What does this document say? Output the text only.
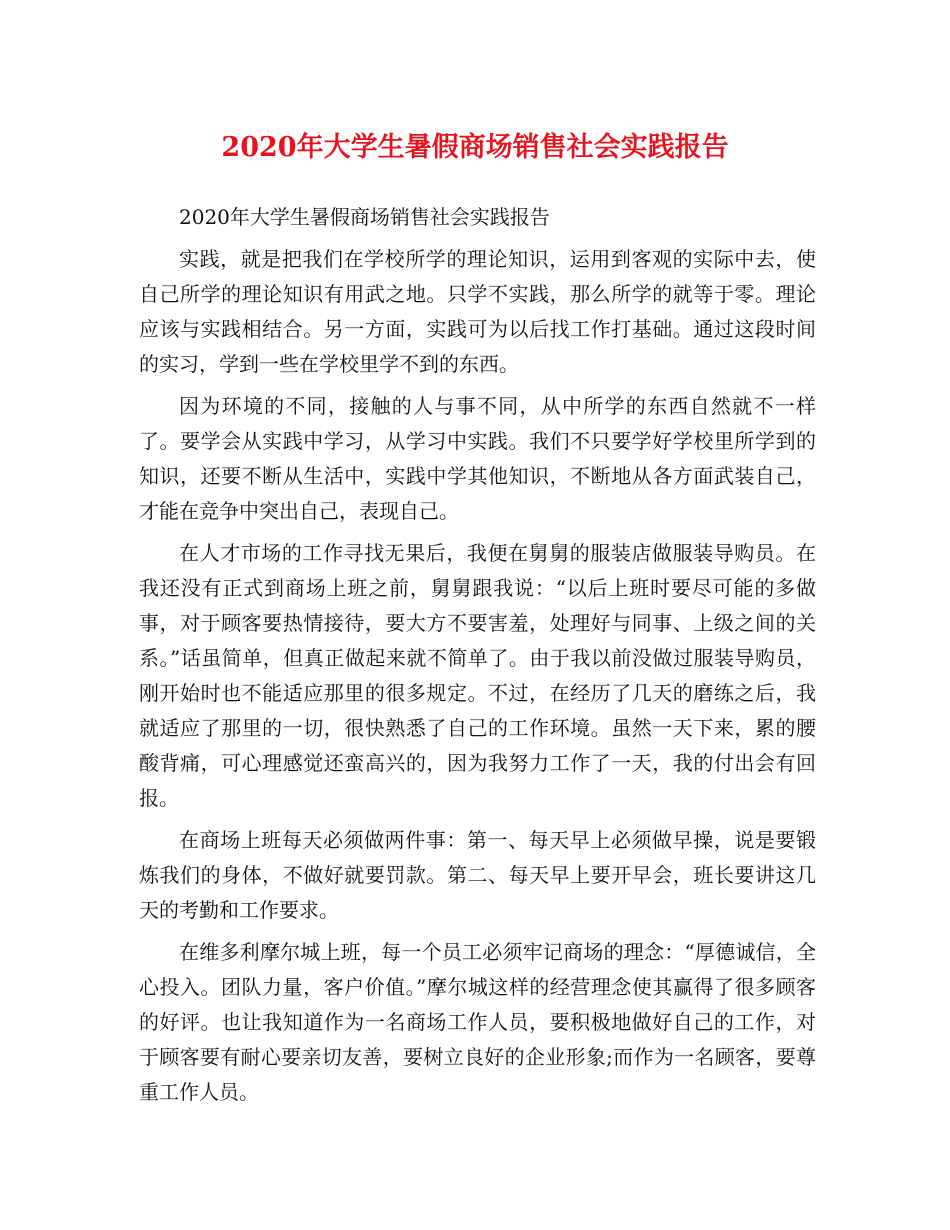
2020年大学生暑假商场销售社会实践报告

2020年大学生暑假商场销售社会实践报告

实践，就是把我们在学校所学的理论知识，运用到客观的实际中去，使自己所学的理论知识有用武之地。只学不实践，那么所学的就等于零。理论应该与实践相结合。另一方面，实践可为以后找工作打基础。通过这段时间的实习，学到一些在学校里学不到的东西。

因为环境的不同，接触的人与事不同，从中所学的东西自然就不一样了。要学会从实践中学习，从学习中实践。我们不只要学好学校里所学到的知识，还要不断从生活中，实践中学其他知识，不断地从各方面武装自己，才能在竞争中突出自己，表现自己。

在人才市场的工作寻找无果后，我便在舅舅的服装店做服装导购员。在我还没有正式到商场上班之前，舅舅跟我说：“以后上班时要尽可能的多做事，对于顾客要热情接待，要大方不要害羞，处理好与同事、上级之间的关系。”话虽简单，但真正做起来就不简单了。由于我以前没做过服装导购员，刚开始时也不能适应那里的很多规定。不过，在经历了几天的磨练之后，我就适应了那里的一切，很快熟悉了自己的工作环境。虽然一天下来，累的腰酸背痛，可心理感觉还蛮高兴的，因为我努力工作了一天，我的付出会有回报。

在商场上班每天必须做两件事：第一、每天早上必须做早操，说是要锻炼我们的身体，不做好就要罚款。第二、每天早上要开早会，班长要讲这几天的考勤和工作要求。

在维多利摩尔城上班，每一个员工必须牢记商场的理念：“厚德诚信，全心投入。团队力量，客户价值。”摩尔城这样的经营理念使其赢得了很多顾客的好评。也让我知道作为一名商场工作人员，要积极地做好自己的工作，对于顾客要有耐心要亲切友善，要树立良好的企业形象;而作为一名顾客，要尊重工作人员。
